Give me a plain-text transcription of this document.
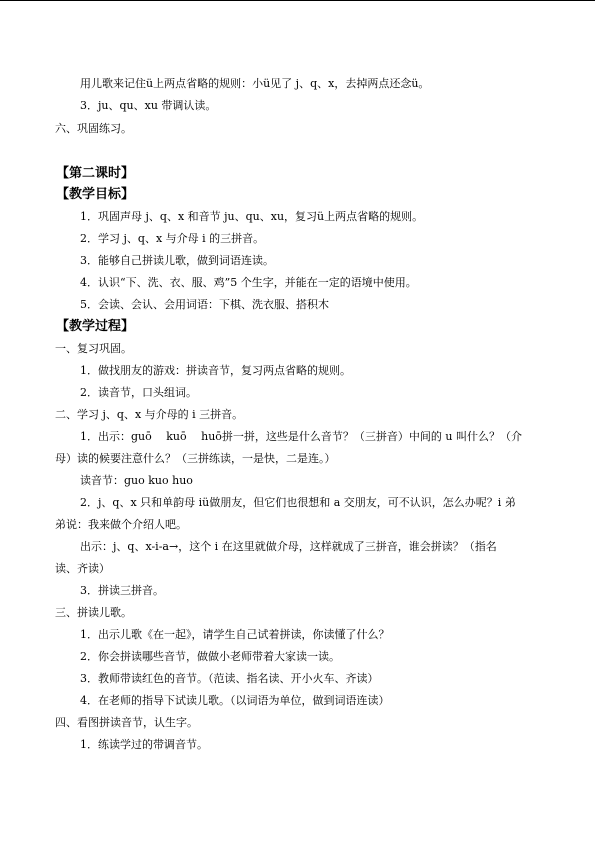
用儿歌来记住ü上两点省略的规则：小ü见了 j、q、x，去掉两点还念ü。
3．ju、qu、xu 带调认读。
六、巩固练习。
【第二课时】
【教学目标】
1．巩固声母 j、q、x 和音节 ju、qu、xu，复习ü上两点省略的规则。
2．学习 j、q、x 与介母 i 的三拼音。
3．能够自己拼读儿歌，做到词语连读。
4．认识“下、洗、衣、服、鸡”5 个生字，并能在一定的语境中使用。
5．会读、会认、会用词语：下棋、洗衣服、搭积木
【教学过程】
一、复习巩固。
1．做找朋友的游戏：拼读音节，复习两点省略的规则。
2．读音节，口头组词。
二、学习 j、q、x 与介母的 i 三拼音。
1．出示：guō　 kuō　 huō拼一拼，这些是什么音节？（三拼音）中间的 u 叫什么？（介
母）读的候要注意什么？（三拼练读，一是快，二是连。）
读音节：guo kuo huo
2．j、q、x 只和单韵母 iü做朋友，但它们也很想和 a 交朋友，可不认识，怎么办呢？i 弟
弟说：我来做个介绍人吧。
出示：j、q、x-i-a→，这个 i 在这里就做介母，这样就成了三拼音，谁会拼读？（指名
读、齐读）
3．拼读三拼音。
三、拼读儿歌。
1．出示儿歌《在一起》，请学生自己试着拼读，你读懂了什么？
2．你会拼读哪些音节，做做小老师带着大家读一读。
3．教师带读红色的音节。（范读、指名读、开小火车、齐读）
4．在老师的指导下试读儿歌。（以词语为单位，做到词语连读）
四、看图拼读音节，认生字。
1．练读学过的带调音节。
